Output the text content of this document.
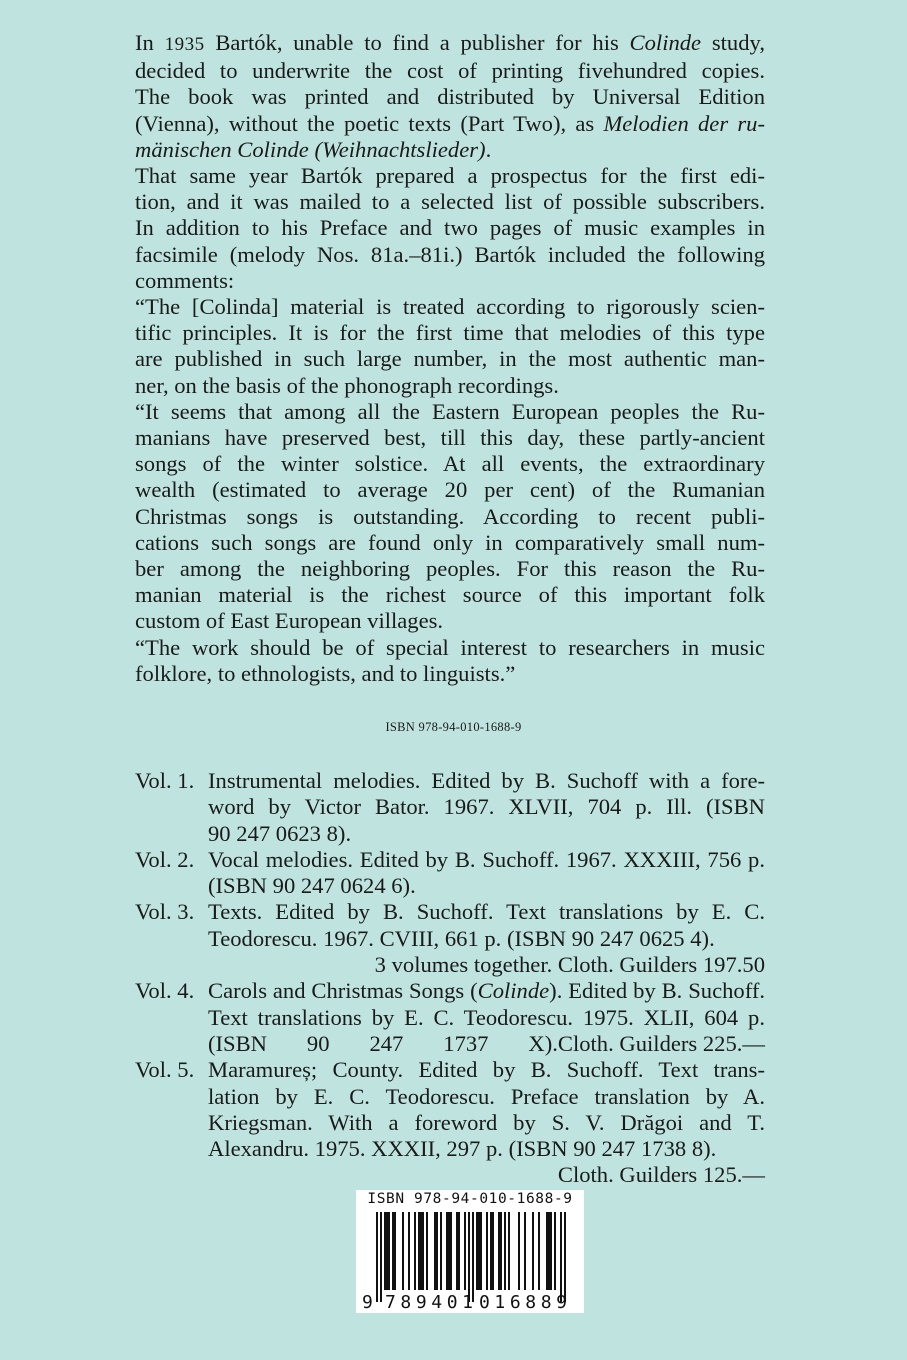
In 1935 Bartók, unable to find a publisher for his Colinde study,
decided to underwrite the cost of printing fivehundred copies.
The book was printed and distributed by Universal Edition
(Vienna), without the poetic texts (Part Two), as Melodien der ru-
mänischen Colinde (Weihnachtslieder).

That same year Bartók prepared a prospectus for the first edi-
tion, and it was mailed to a selected list of possible subscribers.
In addition to his Preface and two pages of music examples in
facsimile (melody Nos. 81a.–81i.) Bartók included the following
comments:

“The [Colinda] material is treated according to rigorously scien-
tific principles. It is for the first time that melodies of this type
are published in such large number, in the most authentic man-
ner, on the basis of the phonograph recordings.

“It seems that among all the Eastern European peoples the Ru-
manians have preserved best, till this day, these partly-ancient
songs of the winter solstice. At all events, the extraordinary
wealth (estimated to average 20 per cent) of the Rumanian
Christmas songs is outstanding. According to recent publi-
cations such songs are found only in comparatively small num-
ber among the neighboring peoples. For this reason the Ru-
manian material is the richest source of this important folk
custom of East European villages.

“The work should be of special interest to researchers in music
folklore, to ethnologists, and to linguists.”

ISBN 978-94-010-1688-9
Vol. 1. Instrumental melodies. Edited by B. Suchoff with a fore-
word by Victor Bator. 1967. XLVII, 704 p. Ill. (ISBN
90 247 0623 8).
Vol. 2. Vocal melodies. Edited by B. Suchoff. 1967. XXXIII, 756 p.
(ISBN 90 247 0624 6).
Vol. 3. Texts. Edited by B. Suchoff. Text translations by E. C.
Teodorescu. 1967. CVIII, 661 p. (ISBN 90 247 0625 4).
3 volumes together. Cloth. Guilders 197.50
Vol. 4. Carols and Christmas Songs (Colinde). Edited by B. Suchoff.
Text translations by E. C. Teodorescu. 1975. XLII, 604 p.
(ISBN 90 247 1737 X). Cloth. Guilders 225.—
Vol. 5. Maramureș; County. Edited by B. Suchoff. Text trans-
lation by E. C. Teodorescu. Preface translation by A.
Kriegsman. With a foreword by S. V. Drăgoi and T.
Alexandru. 1975. XXXII, 297 p. (ISBN 90 247 1738 8).
Cloth. Guilders 125.—
ISBN 978-94-010-1688-9
9 789401 016889
